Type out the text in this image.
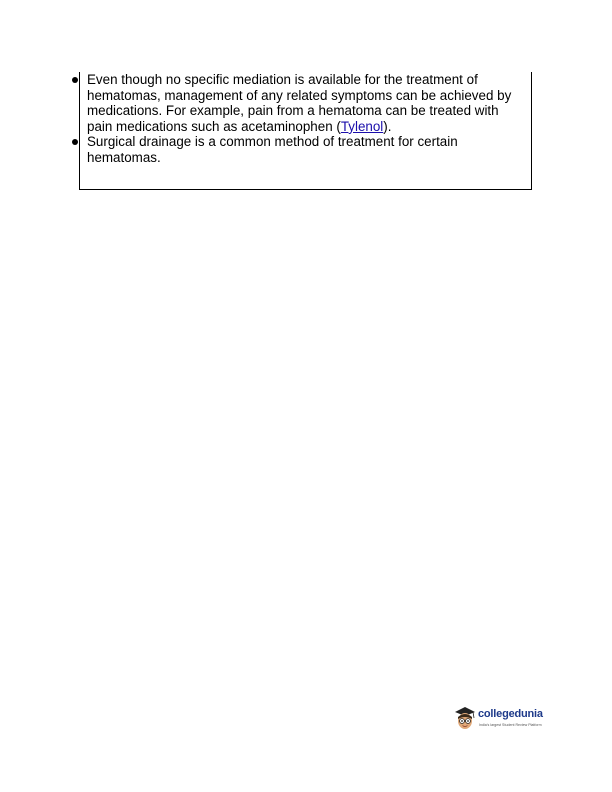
Even though no specific mediation is available for the treatment of hematomas, management of any related symptoms can be achieved by medications. For example, pain from a hematoma can be treated with pain medications such as acetaminophen (Tylenol).
Surgical drainage is a common method of treatment for certain hematomas.
collegedunia
India's largest Student Review Platform
